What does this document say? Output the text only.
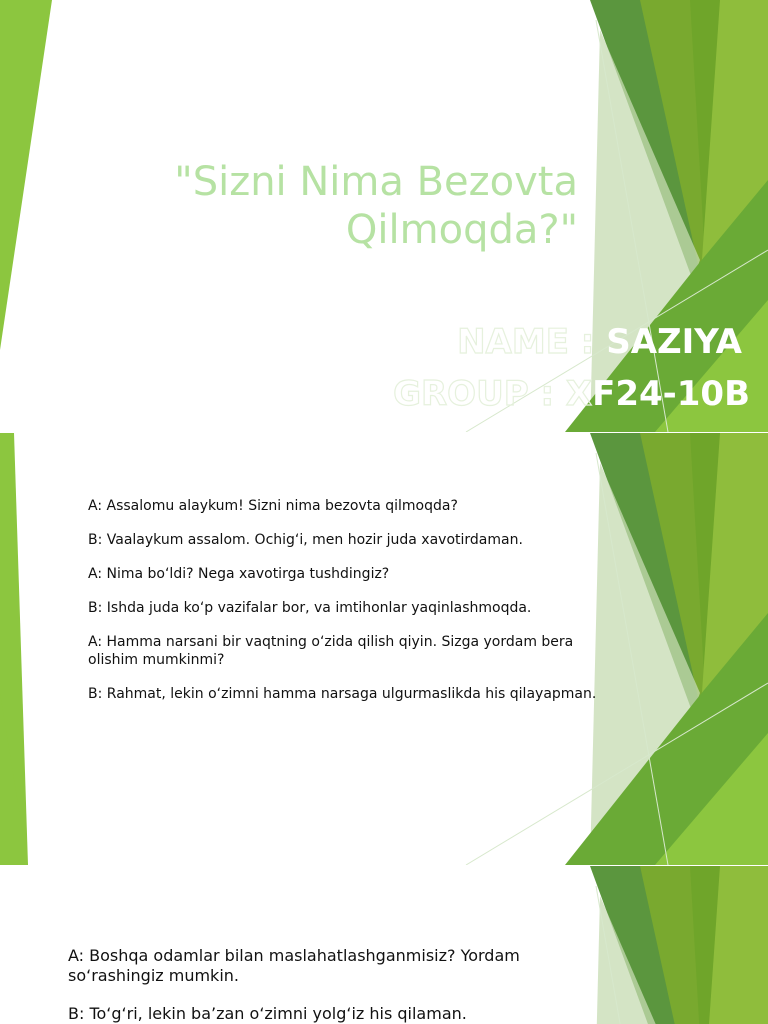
"Sizni Nima Bezovta Qilmoqda?"
NAME : SAZIYA
GROUP : XF24-10B

A: Assalomu alaykum! Sizni nima bezovta qilmoqda?

B: Vaalaykum assalom. Ochig‘i, men hozir juda xavotirdaman.

A: Nima bo‘ldi? Nega xavotirga tushdingiz?

B: Ishda juda ko‘p vazifalar bor, va imtihonlar yaqinlashmoqda.

A: Hamma narsani bir vaqtning o‘zida qilish qiyin. Sizga yordam bera olishim mumkinmi?

B: Rahmat, lekin o‘zimni hamma narsaga ulgurmaslikda his qilayapman.

A: Boshqa odamlar bilan maslahatlashganmisiz? Yordam so‘rashingiz mumkin.

B: To‘g‘ri, lekin ba’zan o‘zimni yolg‘iz his qilaman.
